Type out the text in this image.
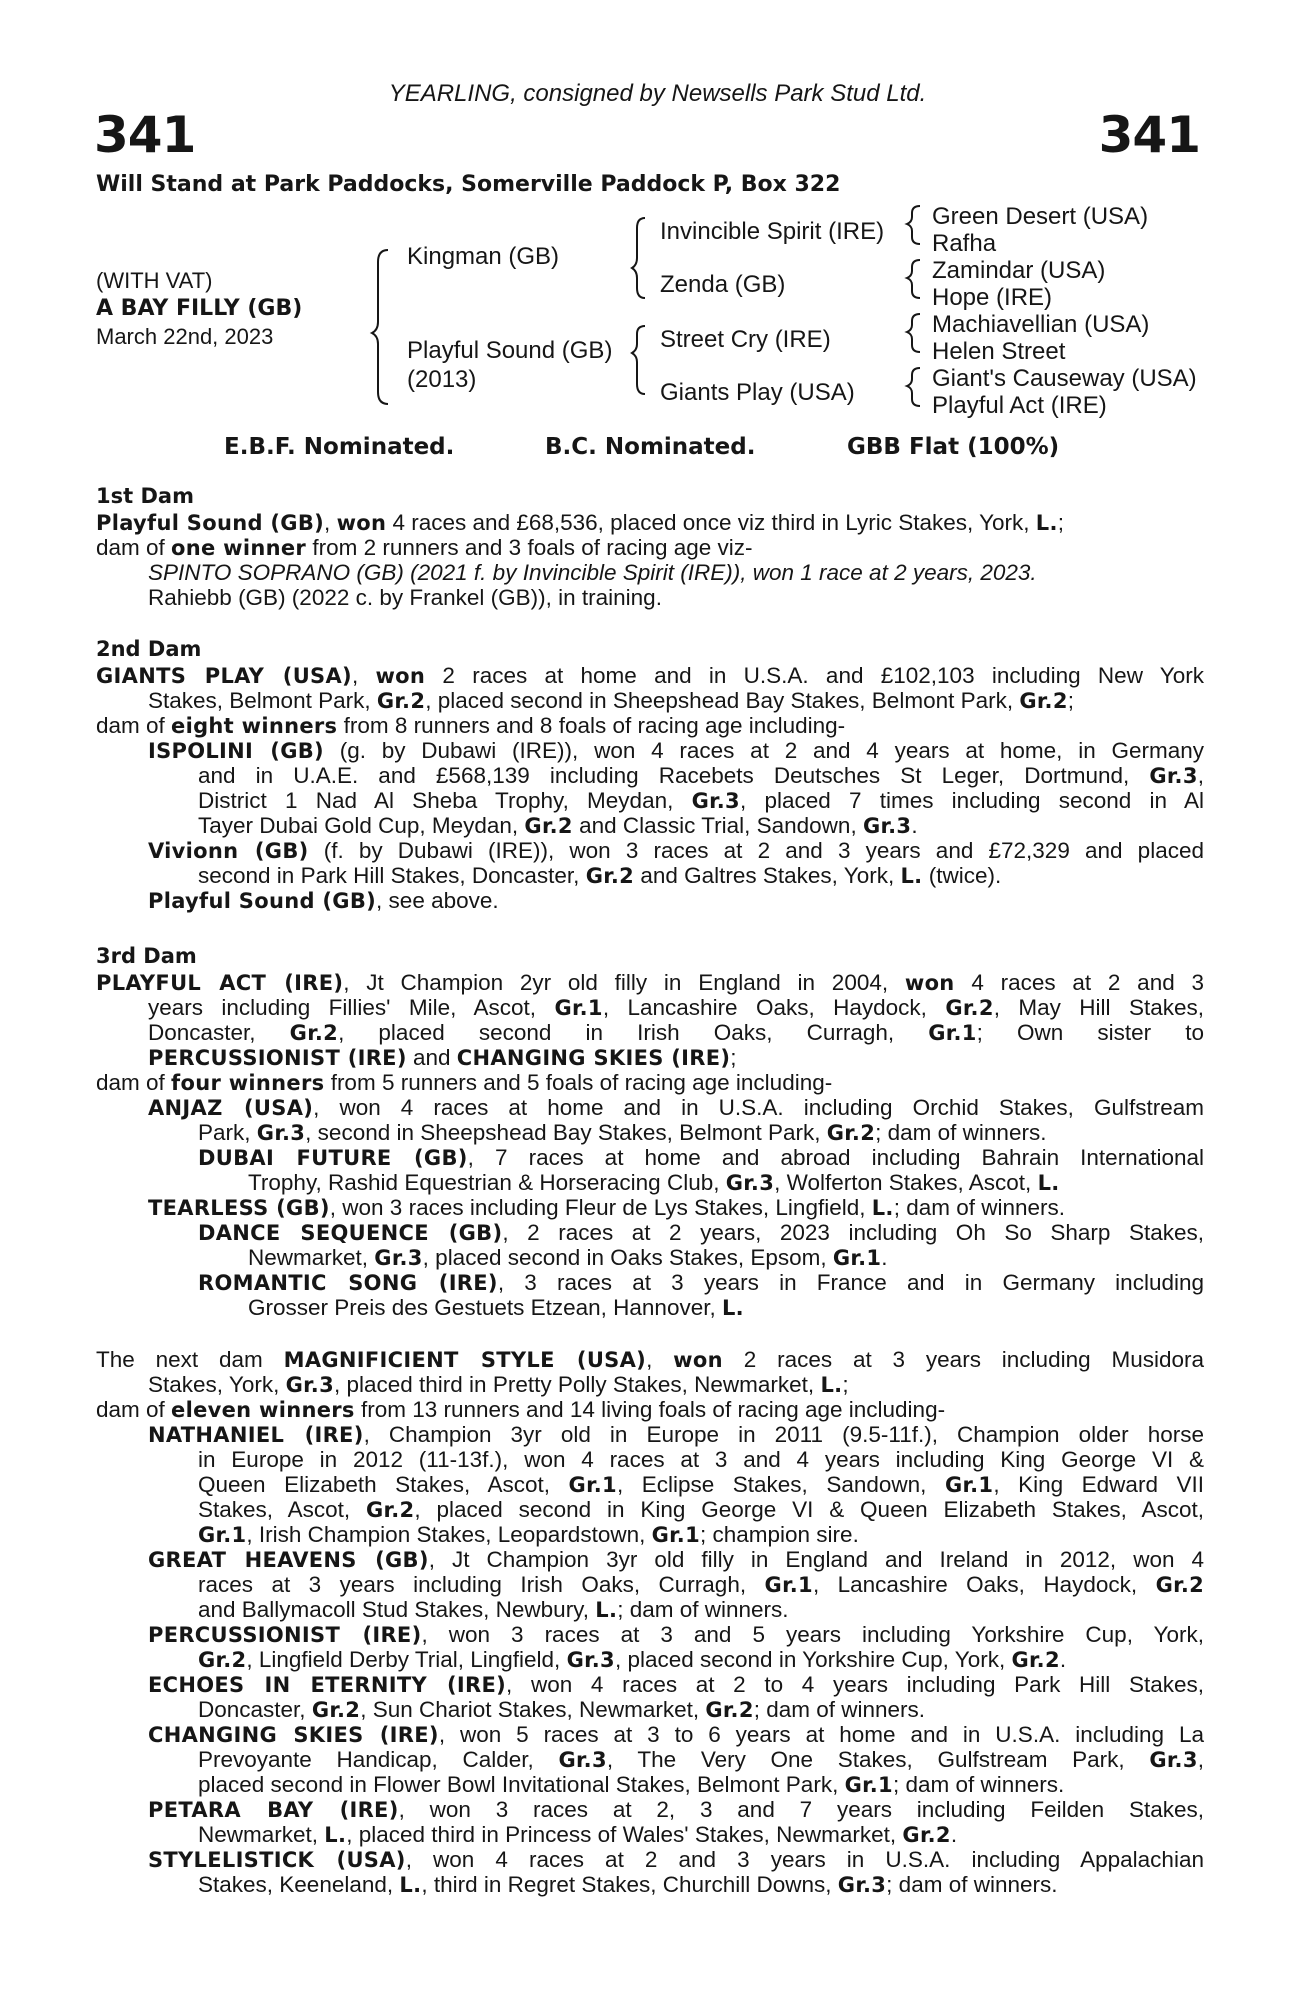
YEARLING, consigned by Newsells Park Stud Ltd.
341	341
Will Stand at Park Paddocks, Somerville Paddock P, Box 322
(WITH VAT)
A BAY FILLY (GB)
March 22nd, 2023
Kingman (GB)
Playful Sound (GB)
(2013)
Invincible Spirit (IRE)
Zenda (GB)
Street Cry (IRE)
Giants Play (USA)
Green Desert (USA)
Rafha
Zamindar (USA)
Hope (IRE)
Machiavellian (USA)
Helen Street
Giant's Causeway (USA)
Playful Act (IRE)
E.B.F. Nominated.	B.C. Nominated.	GBB Flat (100%)
1st Dam
2nd Dam
3rd Dam
Playful Sound (GB), won 4 races and £68,536, placed once viz third in Lyric Stakes, York, L.;
dam of one winner from 2 runners and 3 foals of racing age viz-
SPINTO SOPRANO (GB) (2021 f. by Invincible Spirit (IRE)), won 1 race at 2 years, 2023.
Rahiebb (GB) (2022 c. by Frankel (GB)), in training.
GIANTS PLAY (USA), won 2 races at home and in U.S.A. and £102,103 including New York
Stakes, Belmont Park, Gr.2, placed second in Sheepshead Bay Stakes, Belmont Park, Gr.2;
dam of eight winners from 8 runners and 8 foals of racing age including-
ISPOLINI (GB) (g. by Dubawi (IRE)), won 4 races at 2 and 4 years at home, in Germany
and in U.A.E. and £568,139 including Racebets Deutsches St Leger, Dortmund, Gr.3,
District 1 Nad Al Sheba Trophy, Meydan, Gr.3, placed 7 times including second in Al
Tayer Dubai Gold Cup, Meydan, Gr.2 and Classic Trial, Sandown, Gr.3.
Vivionn (GB) (f. by Dubawi (IRE)), won 3 races at 2 and 3 years and £72,329 and placed
second in Park Hill Stakes, Doncaster, Gr.2 and Galtres Stakes, York, L. (twice).
Playful Sound (GB), see above.
PLAYFUL ACT (IRE), Jt Champion 2yr old filly in England in 2004, won 4 races at 2 and 3
years including Fillies' Mile, Ascot, Gr.1, Lancashire Oaks, Haydock, Gr.2, May Hill Stakes,
Doncaster, Gr.2, placed second in Irish Oaks, Curragh, Gr.1; Own sister to
PERCUSSIONIST (IRE) and CHANGING SKIES (IRE);
dam of four winners from 5 runners and 5 foals of racing age including-
ANJAZ (USA), won 4 races at home and in U.S.A. including Orchid Stakes, Gulfstream
Park, Gr.3, second in Sheepshead Bay Stakes, Belmont Park, Gr.2; dam of winners.
DUBAI FUTURE (GB), 7 races at home and abroad including Bahrain International
Trophy, Rashid Equestrian & Horseracing Club, Gr.3, Wolferton Stakes, Ascot, L.
TEARLESS (GB), won 3 races including Fleur de Lys Stakes, Lingfield, L.; dam of winners.
DANCE SEQUENCE (GB), 2 races at 2 years, 2023 including Oh So Sharp Stakes,
Newmarket, Gr.3, placed second in Oaks Stakes, Epsom, Gr.1.
ROMANTIC SONG (IRE), 3 races at 3 years in France and in Germany including
Grosser Preis des Gestuets Etzean, Hannover, L.
The next dam MAGNIFICIENT STYLE (USA), won 2 races at 3 years including Musidora
Stakes, York, Gr.3, placed third in Pretty Polly Stakes, Newmarket, L.;
dam of eleven winners from 13 runners and 14 living foals of racing age including-
NATHANIEL (IRE), Champion 3yr old in Europe in 2011 (9.5-11f.), Champion older horse
in Europe in 2012 (11-13f.), won 4 races at 3 and 4 years including King George VI &
Queen Elizabeth Stakes, Ascot, Gr.1, Eclipse Stakes, Sandown, Gr.1, King Edward VII
Stakes, Ascot, Gr.2, placed second in King George VI & Queen Elizabeth Stakes, Ascot,
Gr.1, Irish Champion Stakes, Leopardstown, Gr.1; champion sire.
GREAT HEAVENS (GB), Jt Champion 3yr old filly in England and Ireland in 2012, won 4
races at 3 years including Irish Oaks, Curragh, Gr.1, Lancashire Oaks, Haydock, Gr.2
and Ballymacoll Stud Stakes, Newbury, L.; dam of winners.
PERCUSSIONIST (IRE), won 3 races at 3 and 5 years including Yorkshire Cup, York,
Gr.2, Lingfield Derby Trial, Lingfield, Gr.3, placed second in Yorkshire Cup, York, Gr.2.
ECHOES IN ETERNITY (IRE), won 4 races at 2 to 4 years including Park Hill Stakes,
Doncaster, Gr.2, Sun Chariot Stakes, Newmarket, Gr.2; dam of winners.
CHANGING SKIES (IRE), won 5 races at 3 to 6 years at home and in U.S.A. including La
Prevoyante Handicap, Calder, Gr.3, The Very One Stakes, Gulfstream Park, Gr.3,
placed second in Flower Bowl Invitational Stakes, Belmont Park, Gr.1; dam of winners.
PETARA BAY (IRE), won 3 races at 2, 3 and 7 years including Feilden Stakes,
Newmarket, L., placed third in Princess of Wales' Stakes, Newmarket, Gr.2.
STYLELISTICK (USA), won 4 races at 2 and 3 years in U.S.A. including Appalachian
Stakes, Keeneland, L., third in Regret Stakes, Churchill Downs, Gr.3; dam of winners.
